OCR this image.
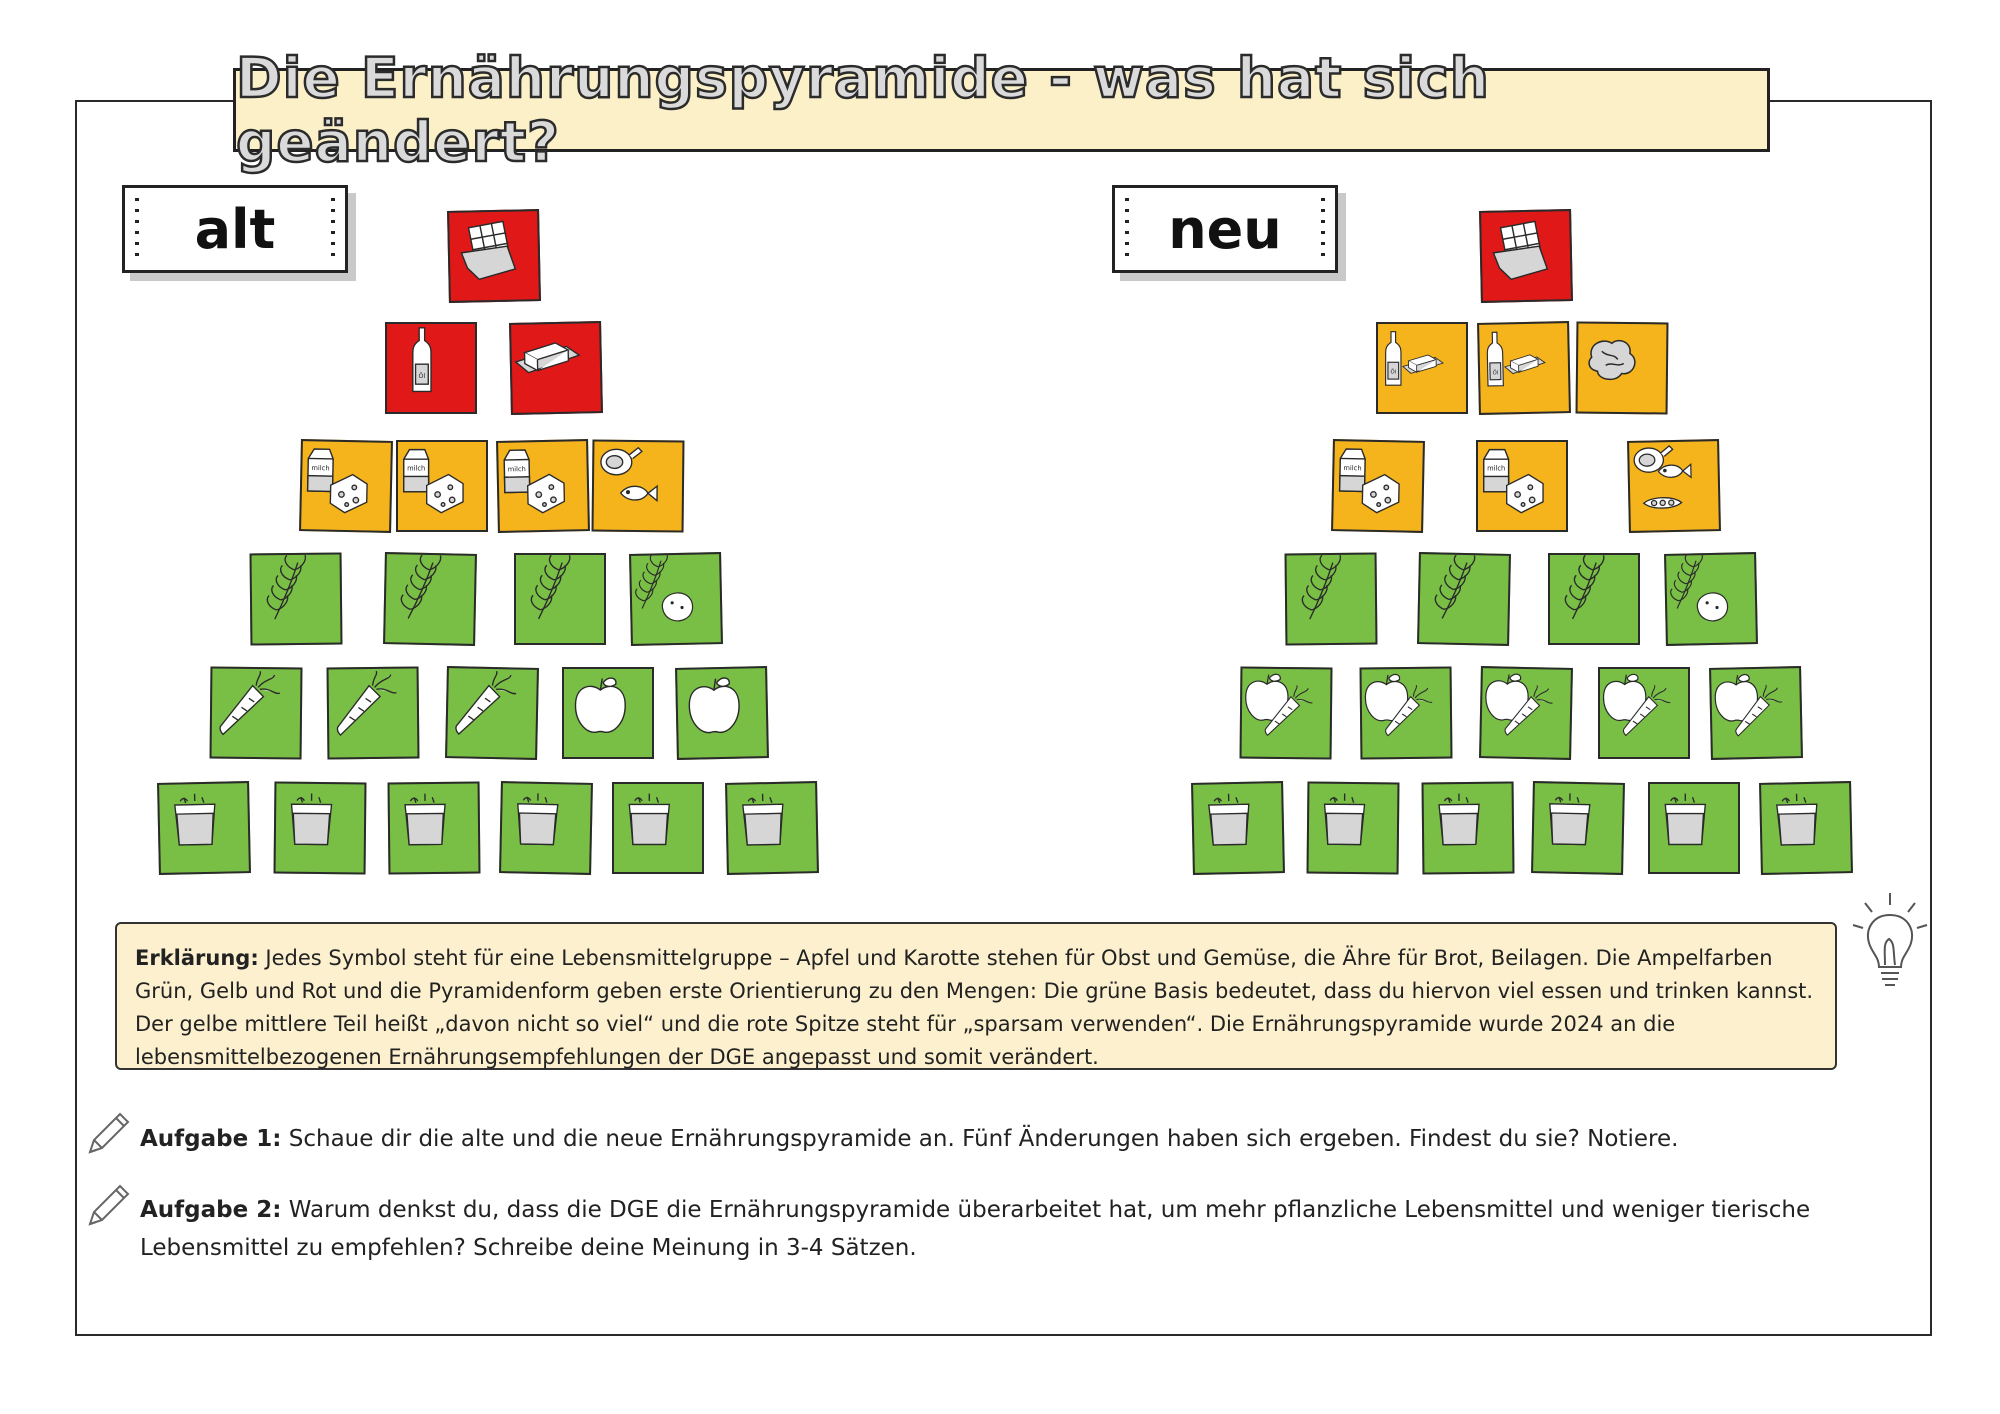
Die Ernährungspyramide - was hat sich geändert?
alt	neu
Öl
milch	milch	milch
Öl	Öl
milch	milch
Erklärung: Jedes Symbol steht für eine Lebensmittelgruppe – Apfel und Karotte stehen für Obst und Gemüse, die Ähre für Brot, Beilagen. Die Ampelfarben Grün, Gelb und Rot und die Pyramidenform geben erste Orientierung zu den Mengen: Die grüne Basis bedeutet, dass du hiervon viel essen und trinken kannst. Der gelbe mittlere Teil heißt „davon nicht so viel“ und die rote Spitze steht für „sparsam verwenden“. Die Ernährungspyramide wurde 2024 an die lebensmittelbezogenen Ernährungsempfehlungen der DGE angepasst und somit verändert.
Aufgabe 1: Schaue dir die alte und die neue Ernährungspyramide an. Fünf Änderungen haben sich ergeben. Findest du sie? Notiere.
Aufgabe 2: Warum denkst du, dass die DGE die Ernährungspyramide überarbeitet hat, um mehr pflanzliche Lebensmittel und weniger tierische Lebensmittel zu empfehlen? Schreibe deine Meinung in 3-4 Sätzen.
